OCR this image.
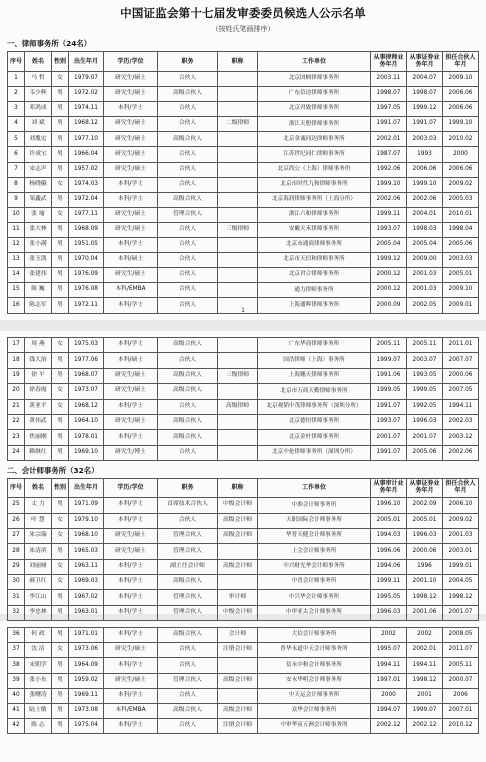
中国证监会第十七届发审委委员候选人公示名单
（按姓氏笔画排序）
一、律师事务所（24名）
序号	姓名	性别	出生年月	学历/学位	职务	职称	工作单位	从事律师业务年月	从事证券业务年月	担任合伙人年月
1	马 哲	女	1979.07	研究生/硕士	合伙人		北京国枫律师事务所	2003.11	2004.07	2009.10
2	韦少辉	男	1972.02	研究生/硕士	高级合伙人		广东信达律师事务所	1998.07	1998.07	2006.06
3	邓鸿成	男	1974.11	本科/学士	合伙人		北京君致律师事务所	1997.05	1999.12	2006.06
4	刘 斌	男	1968.12	研究生/硕士	合伙人	二级律师	浙江天册律师事务所	1991.07	1991.07	1999.10
5	刘胤宏	男	1977.10	研究生/硕士	高级合伙人		北京金诚同达律师事务所	2002.01	2003.03	2010.02
6	许成宝	男	1966.04	研究生/硕士	合伙人		江苏世纪同仁律师事务所	1987.07	1993	2000
7	宋志声	男	1957.02	研究生/硕士	合伙人		北京尚公（上海）律师事务所	1992.06	2006.06	2006.06
8	杨晓娥	女	1974.03	本科/学士	合伙人		北京市时代九和律师事务所	1999.10	1999.10	2009.02
9	邹鑫武	男	1972.04	本科/学士	高级合伙人		北京海润律师事务所（上海分所）	2002.06	2002.06	2005.03
10	张 瑜	女	1977.11	研究生/硕士	管理合伙人		浙江六和律师事务所	1999.11	2004.01	2010.01
11	张大林	男	1968.09	研究生/硕士	合伙人	三级律师	安徽天禾律师事务所	1993.07	1998.03	1998.04
12	张小满	男	1951.05	本科/学士	合伙人		北京市通商律师事务所	2005.04	2005.04	2005.06
13	张玉凯	男	1970.04	本科/硕士	合伙人		北京市天信和律师事务所	1999.12	2009.00	2003.03
14	张建伟	男	1976.09	研究生/硕士	合伙人		北京君合律师事务所	2000.12	2001.03	2005.01
15	陈 巍	男	1976.08	本科/EMBA	合伙人		通力律师事务所	2000.12	2001.03	2009.10
16	陈志军	男	1972.11	本科/学士	合伙人		上海通晖律师事务所	2000.09	2002.05	2009.01
1
17	周 燕	女	1975.03	本科/学士	高级合伙人		广东华商律师事务所	2005.11	2005.11	2011.01
18	钱大治	男	1977.06	本科/硕士	合伙人		国浩律师（上海）事务所	1999.07	2003.07	2007.07
19	徐 平	男	1968.07	研究生/硕士	高级合伙人	三级律师	上海翱天律师事务所	1991.06	1993.05	2000.06
20	徐春霞	女	1973.07	研究生/硕士	高级合伙人		北京市万商天勤律师事务所	1999.05	1999.05	2007.05
21	黄亚平	女	1968.12	本科/学士	合伙人	高级律师	北京观韬中茂律师事务所（深圳分所）	1991.07	1992.05	1994.11
22	黄伟武	男	1964.10	研究生/硕士	高级合伙人		北京德恒律师事务所	1993.07	1996.03	2002.03
23	焦丽刚	男	1978.01	本科/学士	高级合伙人		北京金杜律师事务所	2001.07	2001.07	2003.12
24	赖继红	男	1969.10	研究生/博士	合伙人		北京中伦律师事务所（深圳分所）	1991.07	2005.06	2002.06
二、会计师事务所（32名）
序号	姓名	性别	出生年月	学历/学位	职务	职称	工作单位	从事审计业务年月	从事证券业务年月	担任合伙人年月
25	丈 力	男	1971.09	本科/学士	首席技术合伙人	中级会计师	中准会计师事务所	1996.10	2002.09	2006.10
26	叶 慧	女	1979.10	本科/学士	合伙人	高级会计师	天职国际会计师事务所	2005.01	2005.01	2009.02
27	朱宗瑞	女	1968.10	研究生/硕士	管理合伙人	高级会计师	华普天健会计师事务所	1994.03	1996.03	2001.03
28	朱清滨	男	1965.03	研究生/硕士	管理合伙人		上会会计师事务所	1996.06	2000.06	2003.01
29	刘丽娅	女	1963.11	本科/学士	副主任会计师	高级会计师	中兴财光华会计师事务所	1994.06	1996	1999.01
30	郝卫红	女	1969.03	本科/学士	高级合伙人		中喜会计师事务所	1999.11	2001.10	2004.05
31	李江山	男	1967.02	本科/学士	管理合伙人	审计师	中兴华会计师事务所	1995.05	1998.12	1998.12
32	李忠林	男	1963.01	本科/学士	管理合伙人	中级会计师	中审亚太会计师事务所	1996.03	2001.06	2001.07

36	何 政	男	1971.01	本科/学士	高级合伙人	会计师	大信会计师事务所	2002	2002	2008.05
37	沈 洁	女	1973.06	研究生/硕士	合伙人	注册会计师	普华永道中天会计师事务所	1995.07	2002.01	2011.07
38	宋朝学	男	1964.09	本科/学士	合伙人		信永中和会计师事务所	1994.11	1994.11	2005.11
39	张小东	男	1959.02	研究生/硕士	管理合伙人	高级会计师	安永华明会计师事务所	1997.01	1998.12	2000.07
40	张曙涛	男	1969.11	本科/学士	合伙人		中天运会计师事务所	2000	2001	2006
41	陆士敏	男	1973.08	本科/EMBA	高级合伙人	高级会计师	众华会计师事务所	1994.07	1999.07	2007.01
42	陈 志	男	1975.04	本科/学士	合伙人	注册会计师	中审华寅五洲会计师事务所	2002.12	2002.12	2010.12
